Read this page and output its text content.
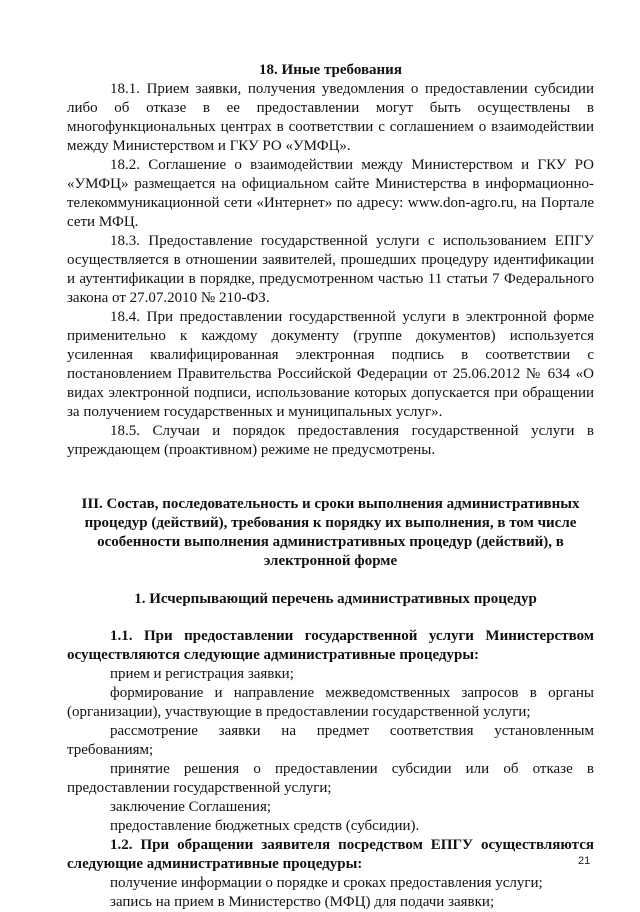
18. Иные требования

18.1. Прием заявки, получения уведомления о предоставлении субсидии либо об отказе в ее предоставлении могут быть осуществлены в многофункциональных центрах в соответствии с соглашением о взаимодействии между Министерством и ГКУ РО «УМФЦ».

18.2. Соглашение о взаимодействии между Министерством и ГКУ РО «УМФЦ» размещается на официальном сайте Министерства в информационно-телекоммуникационной сети «Интернет» по адресу: www.don-agro.ru, на Портале сети МФЦ.

18.3. Предоставление государственной услуги с использованием ЕПГУ осуществляется в отношении заявителей, прошедших процедуру идентификации и аутентификации в порядке, предусмотренном частью 11 статьи 7 Федерального закона от 27.07.2010 № 210-ФЗ.

18.4. При предоставлении государственной услуги в электронной форме применительно к каждому документу (группе документов) используется усиленная квалифицированная электронная подпись в соответствии с постановлением Правительства Российской Федерации от 25.06.2012 № 634 «О видах электронной подписи, использование которых допускается при обращении за получением государственных и муниципальных услуг».

18.5. Случаи и порядок предоставления государственной услуги в упреждающем (проактивном) режиме не предусмотрены.

III. Состав, последовательность и сроки выполнения административных процедур (действий), требования к порядку их выполнения, в том числе особенности выполнения административных процедур (действий), в электронной форме

1. Исчерпывающий перечень административных процедур

1.1. При предоставлении государственной услуги Министерством осуществляются следующие административные процедуры:

прием и регистрация заявки;

формирование и направление межведомственных запросов в органы (организации), участвующие в предоставлении государственной услуги;

рассмотрение заявки на предмет соответствия установленным требованиям;

принятие решения о предоставлении субсидии или об отказе в предоставлении государственной услуги;

заключение Соглашения;

предоставление бюджетных средств (субсидии).

1.2. При обращении заявителя посредством ЕПГУ осуществляются следующие административные процедуры:

получение информации о порядке и сроках предоставления услуги;

запись на прием в Министерство (МФЦ) для подачи заявки;

21
